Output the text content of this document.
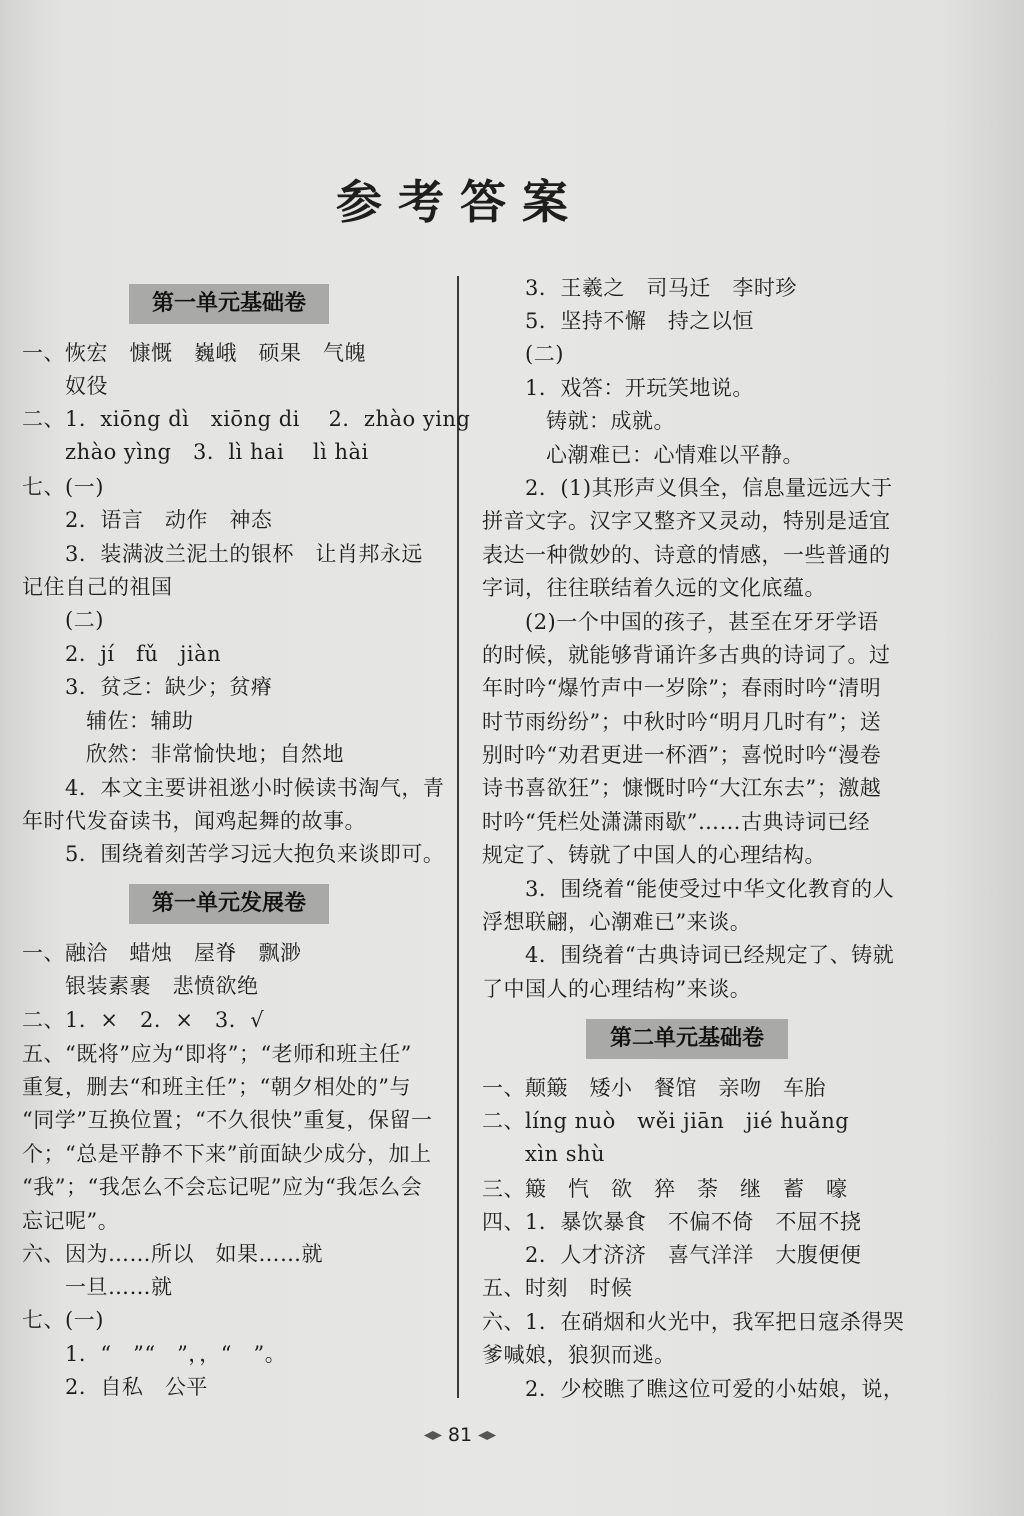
参考答案
第一单元基础卷
一、恢宏　慷慨　巍峨　硕果　气魄
奴役
二、1．xiōng dì　xiōng di　 2．zhào ying
zhào yìng　3．lì hai　 lì hài
七、(一)
2．语言　动作　神态
3．装满波兰泥土的银杯　让肖邦永远
记住自己的祖国
(二)
2．jí　fǔ　jiàn
3．贫乏：缺少；贫瘠
辅佐：辅助
欣然：非常愉快地；自然地
4．本文主要讲祖逖小时候读书淘气，青
年时代发奋读书，闻鸡起舞的故事。
5．围绕着刻苦学习远大抱负来谈即可。
第一单元发展卷
一、融洽　蜡烛　屋脊　飘渺
银装素裹　悲愤欲绝
二、1．×　2．×　3．√
五、“既将”应为“即将”；“老师和班主任”
重复，删去“和班主任”；“朝夕相处的”与
“同学”互换位置；“不久很快”重复，保留一
个；“总是平静不下来”前面缺少成分，加上
“我”；“我怎么不会忘记呢”应为“我怎么会
忘记呢”。
六、因为……所以　如果……就
一旦……就
七、(一)
1．“　”“　”，，“　”。
2．自私　公平
3．王羲之　司马迁　李时珍
5．坚持不懈　持之以恒
(二)
1．戏答：开玩笑地说。
铸就：成就。
心潮难已：心情难以平静。
2．(1)其形声义俱全，信息量远远大于
拼音文字。汉字又整齐又灵动，特别是适宜
表达一种微妙的、诗意的情感，一些普通的
字词，往往联结着久远的文化底蕴。
(2)一个中国的孩子，甚至在牙牙学语
的时候，就能够背诵许多古典的诗词了。过
年时吟“爆竹声中一岁除”；春雨时吟“清明
时节雨纷纷”；中秋时吟“明月几时有”；送
别时吟“劝君更进一杯酒”；喜悦时吟“漫卷
诗书喜欲狂”；慷慨时吟“大江东去”；激越
时吟“凭栏处潇潇雨歇”……古典诗词已经
规定了、铸就了中国人的心理结构。
3．围绕着“能使受过中华文化教育的人
浮想联翩，心潮难已”来谈。
4．围绕着“古典诗词已经规定了、铸就
了中国人的心理结构”来谈。
第二单元基础卷
一、颠簸　矮小　餐馆　亲吻　车胎
二、líng nuò　wěi jiān　jié huǎng
xìn shù
三、簸　忾　欲　猝　荼　继　蓄　嚎
四、1．暴饮暴食　不偏不倚　不屈不挠
2．人才济济　喜气洋洋　大腹便便
五、时刻　时候
六、1．在硝烟和火光中，我军把日寇杀得哭
爹喊娘，狼狈而逃。
2．少校瞧了瞧这位可爱的小姑娘，说，
81
